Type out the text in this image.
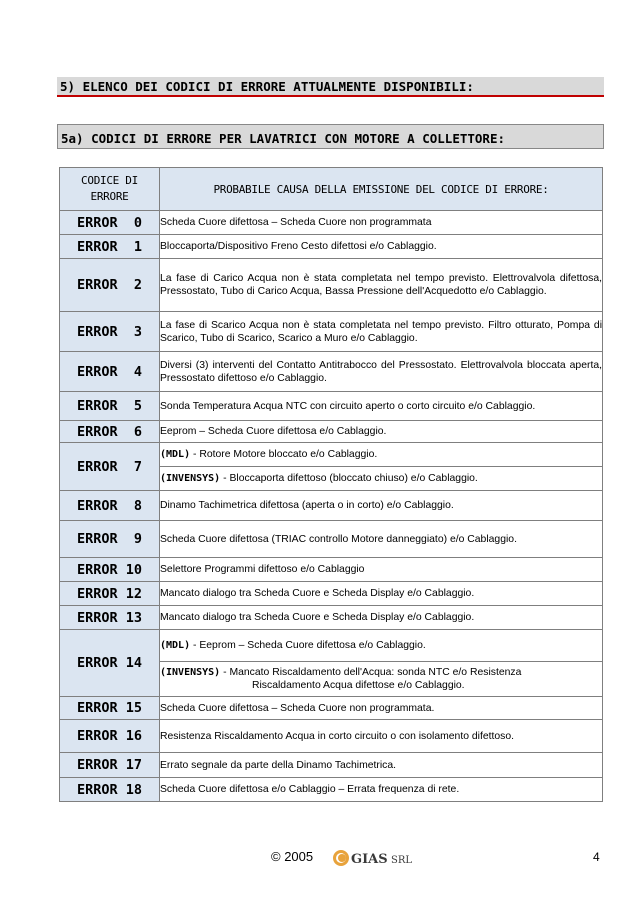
5) ELENCO DEI CODICI DI ERRORE ATTUALMENTE DISPONIBILI:
5a) CODICI DI ERRORE PER LAVATRICI CON MOTORE A COLLETTORE:
CODICE DI
ERRORE	PROBABILE CAUSA DELLA EMISSIONE DEL CODICE DI ERRORE:
ERROR  0	Scheda Cuore difettosa – Scheda Cuore non programmata
ERROR  1	Bloccaporta/Dispositivo Freno Cesto difettosi e/o Cablaggio.
ERROR  2	La fase di Carico Acqua non è stata completata nel tempo previsto. Elettrovalvola difettosa, Pressostato, Tubo di Carico Acqua, Bassa Pressione dell'Acquedotto e/o Cablaggio.
ERROR  3	La fase di Scarico Acqua non è stata completata nel tempo previsto. Filtro otturato, Pompa di Scarico, Tubo di Scarico, Scarico a Muro e/o Cablaggio.
ERROR  4	Diversi (3) interventi del Contatto Antitrabocco del Pressostato. Elettrovalvola bloccata aperta, Pressostato difettoso e/o Cablaggio.
ERROR  5	Sonda Temperatura Acqua NTC con circuito aperto o corto circuito e/o Cablaggio.
ERROR  6	Eeprom – Scheda Cuore difettosa e/o Cablaggio.
ERROR  7	(MDL) - Rotore Motore bloccato e/o Cablaggio.
	(INVENSYS) - Bloccaporta difettoso (bloccato chiuso) e/o Cablaggio.
ERROR  8	Dinamo Tachimetrica difettosa (aperta o in corto) e/o Cablaggio.
ERROR  9	Scheda Cuore difettosa (TRIAC controllo Motore danneggiato) e/o Cablaggio.
ERROR 10	Selettore Programmi difettoso e/o Cablaggio
ERROR 12	Mancato dialogo tra Scheda Cuore e Scheda Display e/o Cablaggio.
ERROR 13	Mancato dialogo tra Scheda Cuore e Scheda Display e/o Cablaggio.
ERROR 14	(MDL) - Eeprom – Scheda Cuore difettosa e/o Cablaggio.
	(INVENSYS) - Mancato Riscaldamento dell'Acqua: sonda NTC e/o Resistenza
Riscaldamento Acqua difettose e/o Cablaggio.

ERROR 15	Scheda Cuore difettosa – Scheda Cuore non programmata.
ERROR 16	Resistenza Riscaldamento Acqua in corto circuito o con isolamento difettoso.
ERROR 17	Errato segnale da parte della Dinamo Tachimetrica.
ERROR 18	Scheda Cuore difettosa e/o Cablaggio – Errata frequenza di rete.
© 2005	GIAS SRL	4
